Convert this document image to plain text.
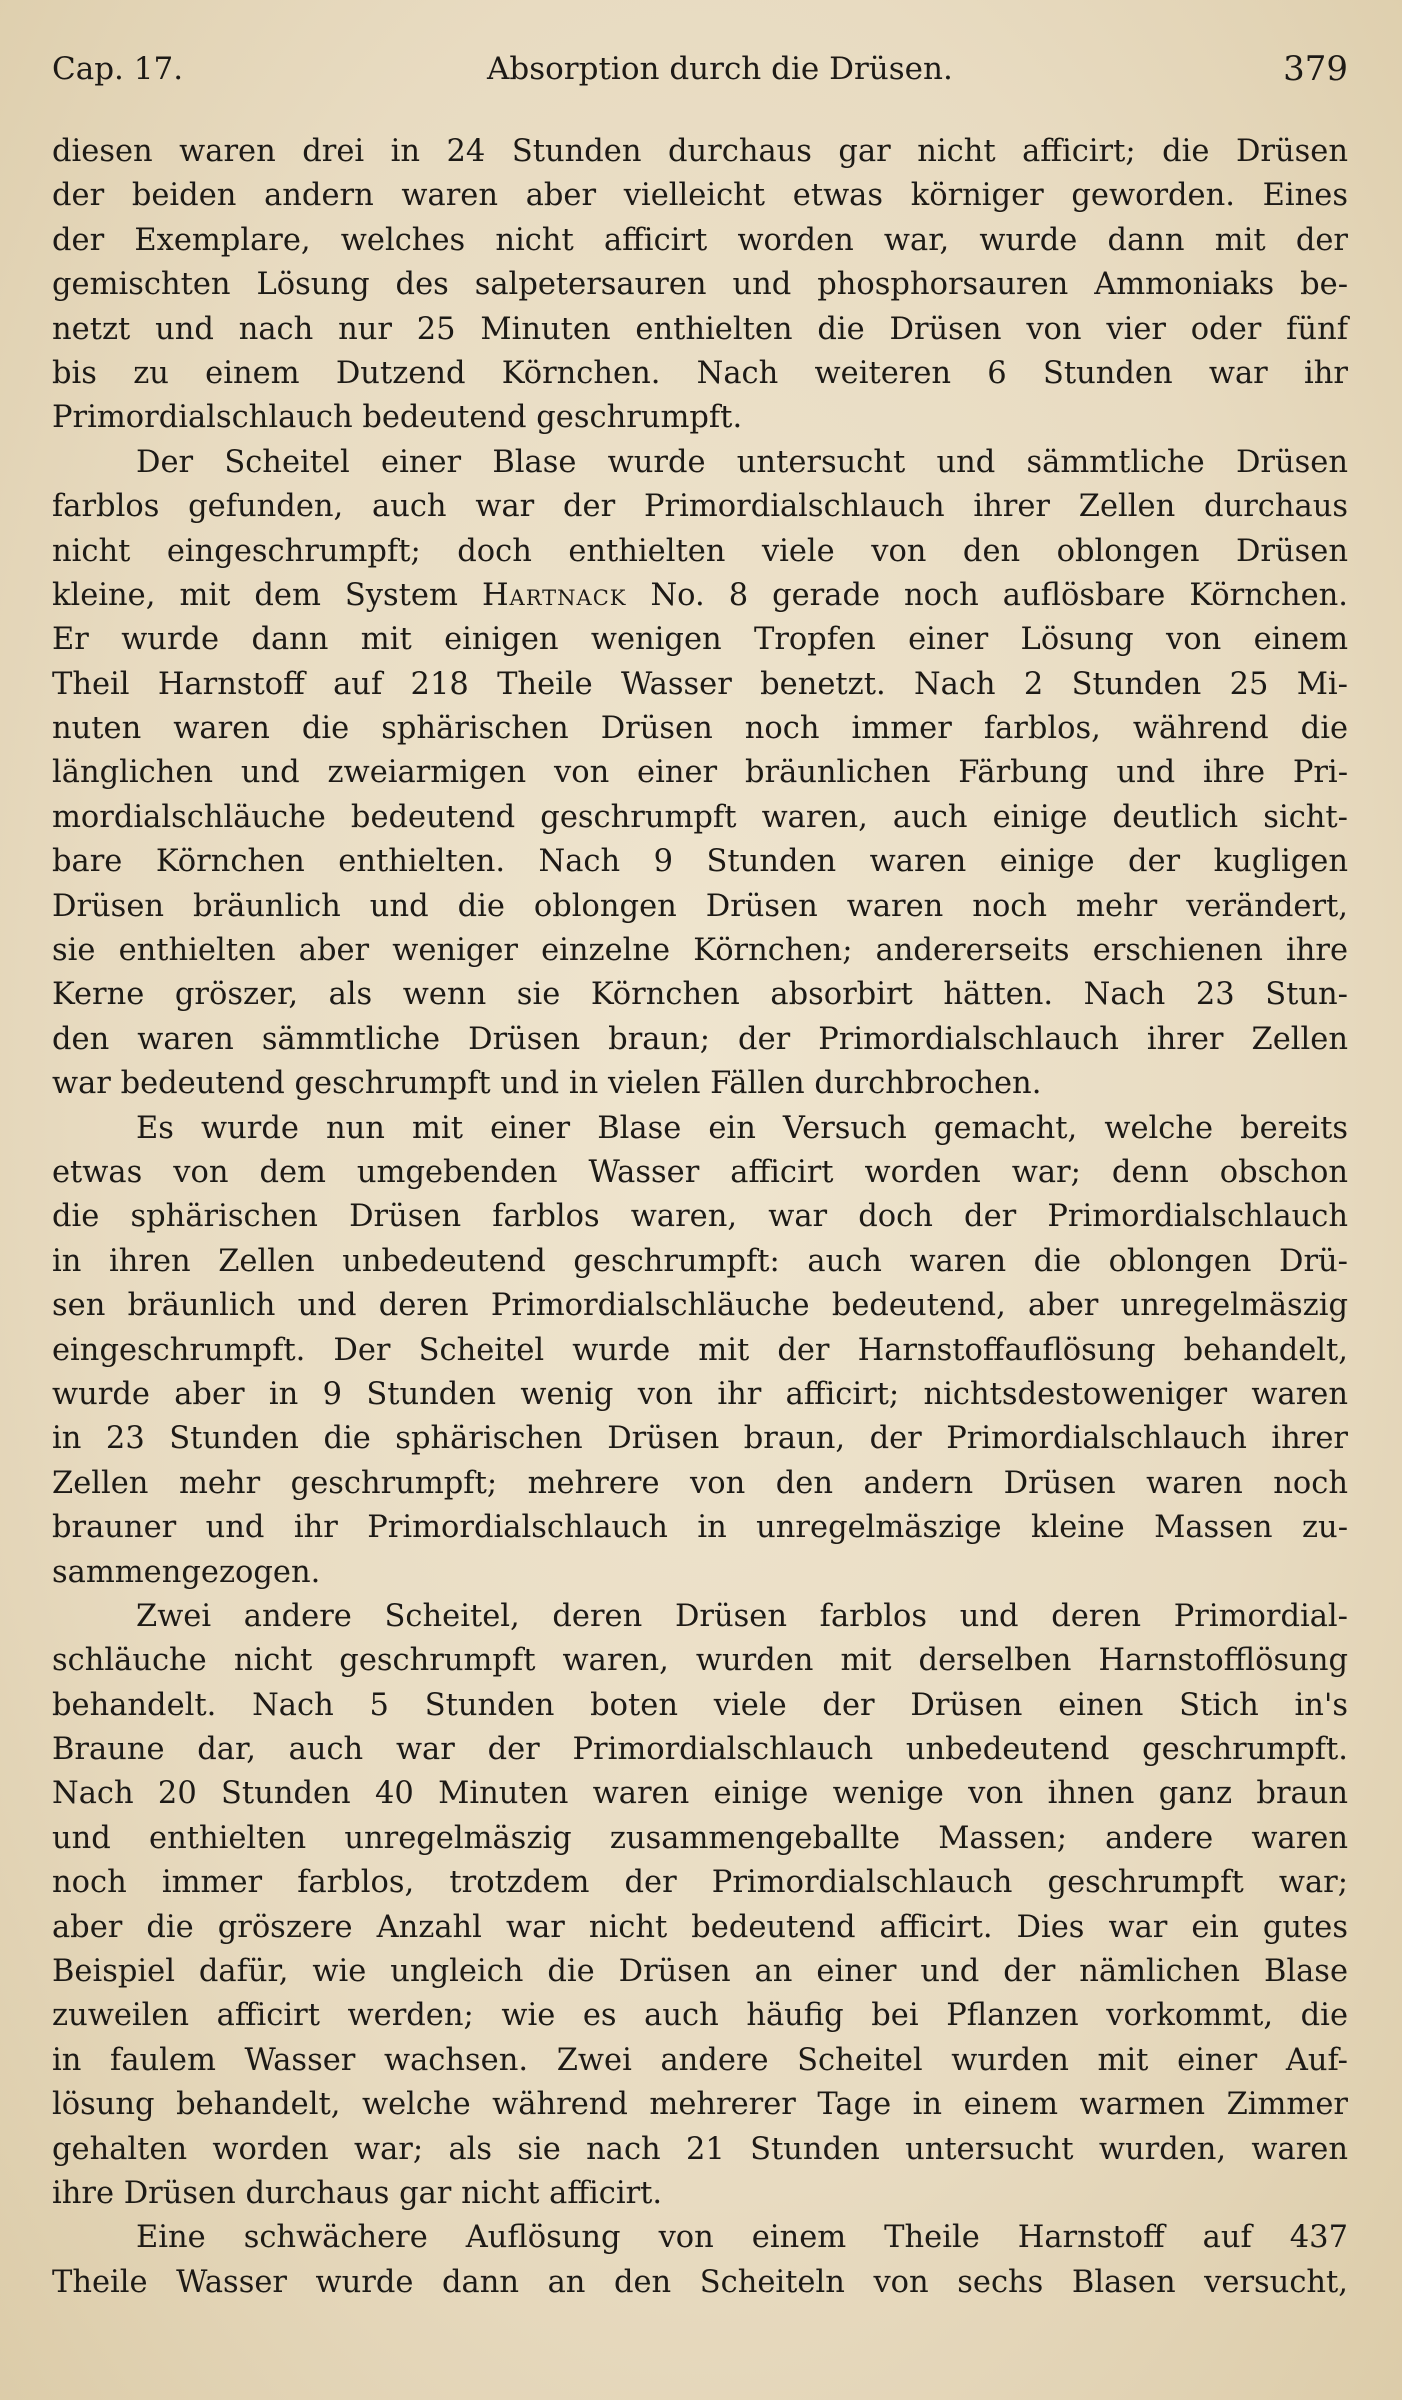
Cap. 17.	Absorption durch die Drüsen.	379
diesen waren drei in 24 Stunden durchaus gar nicht afficirt; die Drüsen
der beiden andern waren aber vielleicht etwas körniger geworden. Eines
der Exemplare, welches nicht afficirt worden war, wurde dann mit der
gemischten Lösung des salpetersauren und phosphorsauren Ammoniaks be-
netzt und nach nur 25 Minuten enthielten die Drüsen von vier oder fünf
bis zu einem Dutzend Körnchen. Nach weiteren 6 Stunden war ihr
Primordialschlauch bedeutend geschrumpft.
Der Scheitel einer Blase wurde untersucht und sämmtliche Drüsen
farblos gefunden, auch war der Primordialschlauch ihrer Zellen durchaus
nicht eingeschrumpft; doch enthielten viele von den oblongen Drüsen
kleine, mit dem System Hartnack No. 8 gerade noch auflösbare Körnchen.
Er wurde dann mit einigen wenigen Tropfen einer Lösung von einem
Theil Harnstoff auf 218 Theile Wasser benetzt. Nach 2 Stunden 25 Mi-
nuten waren die sphärischen Drüsen noch immer farblos, während die
länglichen und zweiarmigen von einer bräunlichen Färbung und ihre Pri-
mordialschläuche bedeutend geschrumpft waren, auch einige deutlich sicht-
bare Körnchen enthielten. Nach 9 Stunden waren einige der kugligen
Drüsen bräunlich und die oblongen Drüsen waren noch mehr verändert,
sie enthielten aber weniger einzelne Körnchen; andererseits erschienen ihre
Kerne gröszer, als wenn sie Körnchen absorbirt hätten. Nach 23 Stun-
den waren sämmtliche Drüsen braun; der Primordialschlauch ihrer Zellen
war bedeutend geschrumpft und in vielen Fällen durchbrochen.
Es wurde nun mit einer Blase ein Versuch gemacht, welche bereits
etwas von dem umgebenden Wasser afficirt worden war; denn obschon
die sphärischen Drüsen farblos waren, war doch der Primordialschlauch
in ihren Zellen unbedeutend geschrumpft: auch waren die oblongen Drü-
sen bräunlich und deren Primordialschläuche bedeutend, aber unregelmäszig
eingeschrumpft. Der Scheitel wurde mit der Harnstoffauflösung behandelt,
wurde aber in 9 Stunden wenig von ihr afficirt; nichtsdestoweniger waren
in 23 Stunden die sphärischen Drüsen braun, der Primordialschlauch ihrer
Zellen mehr geschrumpft; mehrere von den andern Drüsen waren noch
brauner und ihr Primordialschlauch in unregelmäszige kleine Massen zu-
sammengezogen.
Zwei andere Scheitel, deren Drüsen farblos und deren Primordial-
schläuche nicht geschrumpft waren, wurden mit derselben Harnstofflösung
behandelt. Nach 5 Stunden boten viele der Drüsen einen Stich in's
Braune dar, auch war der Primordialschlauch unbedeutend geschrumpft.
Nach 20 Stunden 40 Minuten waren einige wenige von ihnen ganz braun
und enthielten unregelmäszig zusammengeballte Massen; andere waren
noch immer farblos, trotzdem der Primordialschlauch geschrumpft war;
aber die gröszere Anzahl war nicht bedeutend afficirt. Dies war ein gutes
Beispiel dafür, wie ungleich die Drüsen an einer und der nämlichen Blase
zuweilen afficirt werden; wie es auch häufig bei Pflanzen vorkommt, die
in faulem Wasser wachsen. Zwei andere Scheitel wurden mit einer Auf-
lösung behandelt, welche während mehrerer Tage in einem warmen Zimmer
gehalten worden war; als sie nach 21 Stunden untersucht wurden, waren
ihre Drüsen durchaus gar nicht afficirt.
Eine schwächere Auflösung von einem Theile Harnstoff auf 437
Theile Wasser wurde dann an den Scheiteln von sechs Blasen versucht,
